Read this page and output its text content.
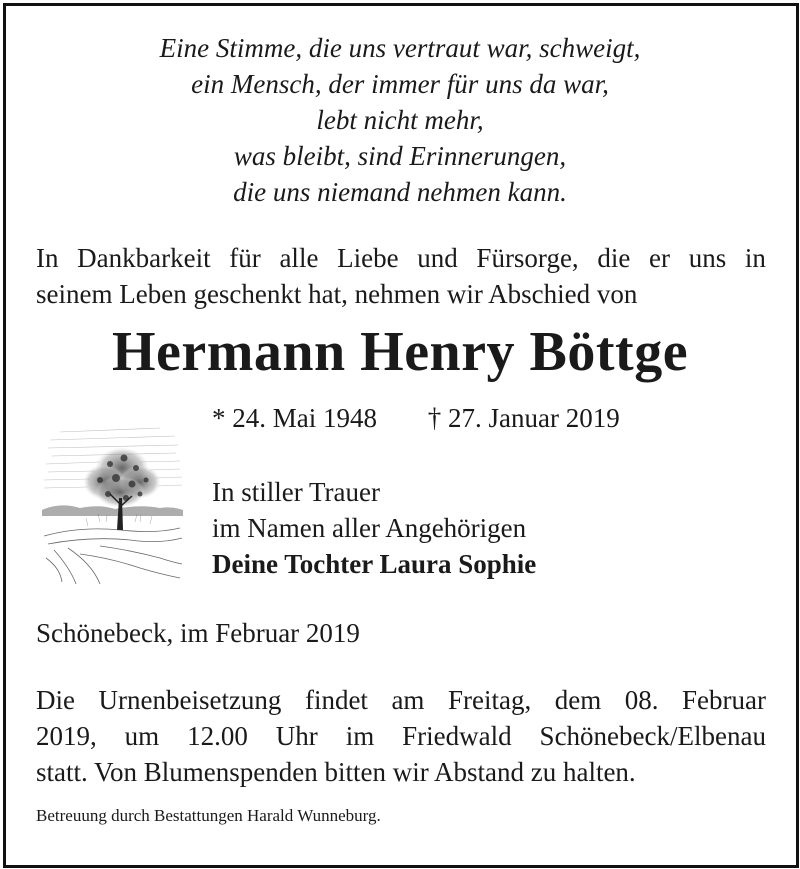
Eine Stimme, die uns vertraut war, schweigt,
ein Mensch, der immer für uns da war,
lebt nicht mehr,
was bleibt, sind Erinnerungen,
die uns niemand nehmen kann.
In Dankbarkeit für alle Liebe und Fürsorge, die er uns in
seinem Leben geschenkt hat, nehmen wir Abschied von
Hermann Henry Böttge
* 24. Mai 1948 † 27. Januar 2019
In stiller Trauer
im Namen aller Angehörigen
Deine Tochter Laura Sophie
Schönebeck, im Februar 2019
Die Urnenbeisetzung findet am Freitag, dem 08. Februar
2019, um 12.00 Uhr im Friedwald Schönebeck/Elbenau
statt. Von Blumenspenden bitten wir Abstand zu halten.
Betreuung durch Bestattungen Harald Wunneburg.
